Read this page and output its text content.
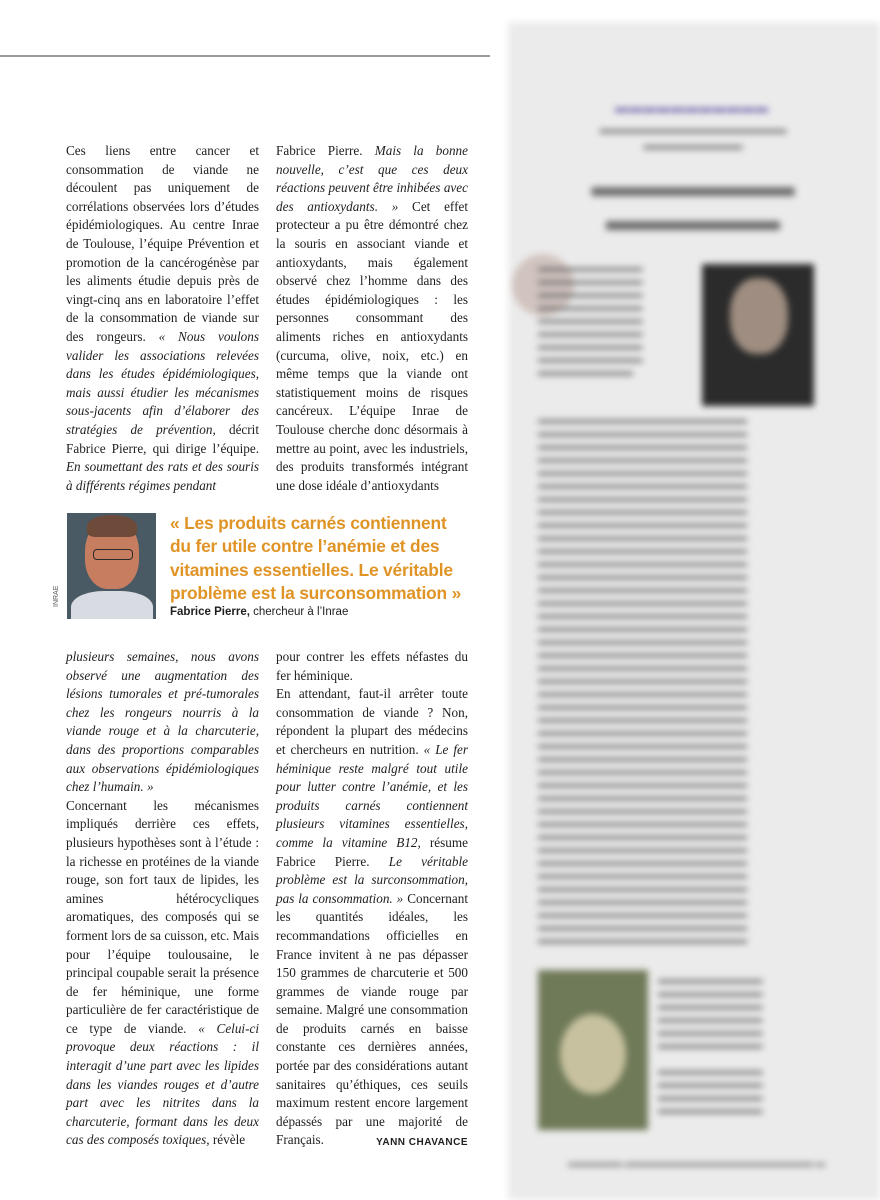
▬▬▬▬▬▬▬▬▬▬▬
▬▬▬▬▬▬▬▬▬▬▬▬▬▬▬▬▬
▬▬▬▬▬▬▬▬▬
▬▬▬▬▬▬▬
▬▬▬▬▬▬
▬▬▬▬▬▬▬▬▬▬▬
▬▬▬▬▬▬▬▬▬▬▬
▬▬▬▬▬▬▬▬▬▬▬
▬▬▬▬▬▬▬▬▬▬▬
▬▬▬▬▬▬▬▬▬▬▬
▬▬▬▬▬▬▬▬▬▬▬
▬▬▬▬▬▬▬▬▬▬▬
▬▬▬▬▬▬▬▬▬▬▬
▬▬▬▬▬▬▬▬▬▬
▬▬▬▬▬▬▬▬▬▬▬▬▬▬▬▬▬▬▬▬▬▬
▬▬▬▬▬▬▬▬▬▬▬▬▬▬▬▬▬▬▬▬▬▬
▬▬▬▬▬▬▬▬▬▬▬▬▬▬▬▬▬▬▬▬▬▬
▬▬▬▬▬▬▬▬▬▬▬▬▬▬▬▬▬▬▬▬▬▬
▬▬▬▬▬▬▬▬▬▬▬▬▬▬▬▬▬▬▬▬▬▬
▬▬▬▬▬▬▬▬▬▬▬▬▬▬▬▬▬▬▬▬▬▬
▬▬▬▬▬▬▬▬▬▬▬▬▬▬▬▬▬▬▬▬▬▬
▬▬▬▬▬▬▬▬▬▬▬▬▬▬▬▬▬▬▬▬▬▬
▬▬▬▬▬▬▬▬▬▬▬▬▬▬▬▬▬▬▬▬▬▬
▬▬▬▬▬▬▬▬▬▬▬▬▬▬▬▬▬▬▬▬▬▬
▬▬▬▬▬▬▬▬▬▬▬▬▬▬▬▬▬▬▬▬▬▬
▬▬▬▬▬▬▬▬▬▬▬▬▬▬▬▬▬▬▬▬▬▬
▬▬▬▬▬▬▬▬▬▬▬▬▬▬▬▬▬▬▬▬▬▬
▬▬▬▬▬▬▬▬▬▬▬▬▬▬▬▬▬▬▬▬▬▬
▬▬▬▬▬▬▬▬▬▬▬▬▬▬▬▬▬▬▬▬▬▬
▬▬▬▬▬▬▬▬▬▬▬▬▬▬▬▬▬▬▬▬▬▬
▬▬▬▬▬▬▬▬▬▬▬▬▬▬▬▬▬▬▬▬▬▬
▬▬▬▬▬▬▬▬▬▬▬▬▬▬▬▬▬▬▬▬▬▬
▬▬▬▬▬▬▬▬▬▬▬▬▬▬▬▬▬▬▬▬▬▬
▬▬▬▬▬▬▬▬▬▬▬▬▬▬▬▬▬▬▬▬▬▬
▬▬▬▬▬▬▬▬▬▬▬▬▬▬▬▬▬▬▬▬▬▬
▬▬▬▬▬▬▬▬▬▬▬▬▬▬▬▬▬▬▬▬▬▬
▬▬▬▬▬▬▬▬▬▬▬▬▬▬▬▬▬▬▬▬▬▬
▬▬▬▬▬▬▬▬▬▬▬▬▬▬▬▬▬▬▬▬▬▬
▬▬▬▬▬▬▬▬▬▬▬▬▬▬▬▬▬▬▬▬▬▬
▬▬▬▬▬▬▬▬▬▬▬▬▬▬▬▬▬▬▬▬▬▬
▬▬▬▬▬▬▬▬▬▬▬▬▬▬▬▬▬▬▬▬▬▬
▬▬▬▬▬▬▬▬▬▬▬▬▬▬▬▬▬▬▬▬▬▬
▬▬▬▬▬▬▬▬▬▬▬▬▬▬▬▬▬▬▬▬▬▬
▬▬▬▬▬▬▬▬▬▬▬▬▬▬▬▬▬▬▬▬▬▬
▬▬▬▬▬▬▬▬▬▬▬▬▬▬▬▬▬▬▬▬▬▬
▬▬▬▬▬▬▬▬▬▬▬▬▬▬▬▬▬▬▬▬▬▬
▬▬▬▬▬▬▬▬▬▬▬▬▬▬▬▬▬▬▬▬▬▬
▬▬▬▬▬▬▬▬▬▬▬▬▬▬▬▬▬▬▬▬▬▬
▬▬▬▬▬▬▬▬▬▬▬▬▬▬▬▬▬▬▬▬▬▬
▬▬▬▬▬▬▬▬▬▬▬▬▬▬▬▬▬▬▬▬▬▬
▬▬▬▬▬▬▬▬▬▬▬▬▬▬▬▬▬▬▬▬▬▬
▬▬▬▬▬▬▬▬▬▬▬▬▬▬▬▬▬▬▬▬▬▬
▬▬▬▬▬▬▬▬▬▬▬▬▬▬▬▬▬▬▬▬▬▬
▬▬▬▬▬▬▬▬▬▬▬▬▬▬▬▬▬▬▬▬▬▬
▬▬▬▬▬▬▬▬▬▬▬▬▬▬▬▬▬▬▬▬▬▬
▬▬▬▬▬▬▬▬▬▬▬
▬▬▬▬▬▬▬▬▬▬▬
▬▬▬▬▬▬▬▬▬▬▬
▬▬▬▬▬▬▬▬▬▬▬
▬▬▬▬▬▬▬▬▬▬▬
▬▬▬▬▬▬▬▬▬▬▬

▬▬▬▬▬▬▬▬▬▬▬
▬▬▬▬▬▬▬▬▬▬▬
▬▬▬▬▬▬▬▬▬▬▬
▬▬▬▬▬▬▬▬▬▬▬
▬▬▬▬▬▬ ▬▬▬▬▬▬▬▬▬▬▬▬▬▬▬▬▬▬▬▬▬ ▬
Ces liens entre cancer et consommation de viande ne découlent pas uniquement de corrélations observées lors d’études épidémiologiques. Au centre Inrae de Toulouse, l’équipe Prévention et promotion de la cancérogénèse par les aliments étudie depuis près de vingt-cinq ans en laboratoire l’effet de la consommation de viande sur des rongeurs. « Nous voulons valider les associations relevées dans les études épidémiologiques, mais aussi étudier les mécanismes sous-jacents afin d’élaborer des stratégies de prévention, décrit Fabrice Pierre, qui dirige l’équipe. En soumettant des rats et des souris à différents régimes pendant
Fabrice Pierre. Mais la bonne nouvelle, c’est que ces deux réactions peuvent être inhibées avec des antioxydants. » Cet effet protecteur a pu être démontré chez la souris en associant viande et antioxydants, mais également observé chez l’homme dans des études épidémiologiques : les personnes consommant des aliments riches en antioxydants (curcuma, olive, noix, etc.) en même temps que la viande ont statistiquement moins de risques cancéreux. L’équipe Inrae de Toulouse cherche donc désormais à mettre au point, avec les industriels, des produits transformés intégrant une dose idéale d’antioxydants
INRAE
« Les produits carnés contiennent du fer utile contre l’anémie et des vitamines essentielles. Le véritable problème est la surconsommation »
Fabrice Pierre, chercheur à l’Inrae
plusieurs semaines, nous avons observé une augmentation des lésions tumorales et pré-tumorales chez les rongeurs nourris à la viande rouge et à la charcuterie, dans des proportions comparables aux observations épidémiologiques chez l’humain. »
Concernant les mécanismes impliqués derrière ces effets, plusieurs hypothèses sont à l’étude : la richesse en protéines de la viande rouge, son fort taux de lipides, les amines hétérocycliques aromatiques, des composés qui se forment lors de sa cuisson, etc. Mais pour l’équipe toulousaine, le principal coupable serait la présence de fer héminique, une forme particulière de fer caractéristique de ce type de viande. « Celui-ci provoque deux réactions : il interagit d’une part avec les lipides dans les viandes rouges et d’autre part avec les nitrites dans la charcuterie, formant dans les deux cas des composés toxiques, révèle
pour contrer les effets néfastes du fer héminique.
En attendant, faut-il arrêter toute consommation de viande ? Non, répondent la plupart des médecins et chercheurs en nutrition. « Le fer héminique reste malgré tout utile pour lutter contre l’anémie, et les produits carnés contiennent plusieurs vitamines essentielles, comme la vitamine B12, résume Fabrice Pierre. Le véritable problème est la surconsommation, pas la consommation. » Concernant les quantités idéales, les recommandations officielles en France invitent à ne pas dépasser 150 grammes de charcuterie et 500 grammes de viande rouge par semaine. Malgré une consommation de produits carnés en baisse constante ces dernières années, portée par des considérations autant sanitaires qu’éthiques, ces seuils maximum restent encore largement dépassés par une majorité de Français.	YANN CHAVANCE
